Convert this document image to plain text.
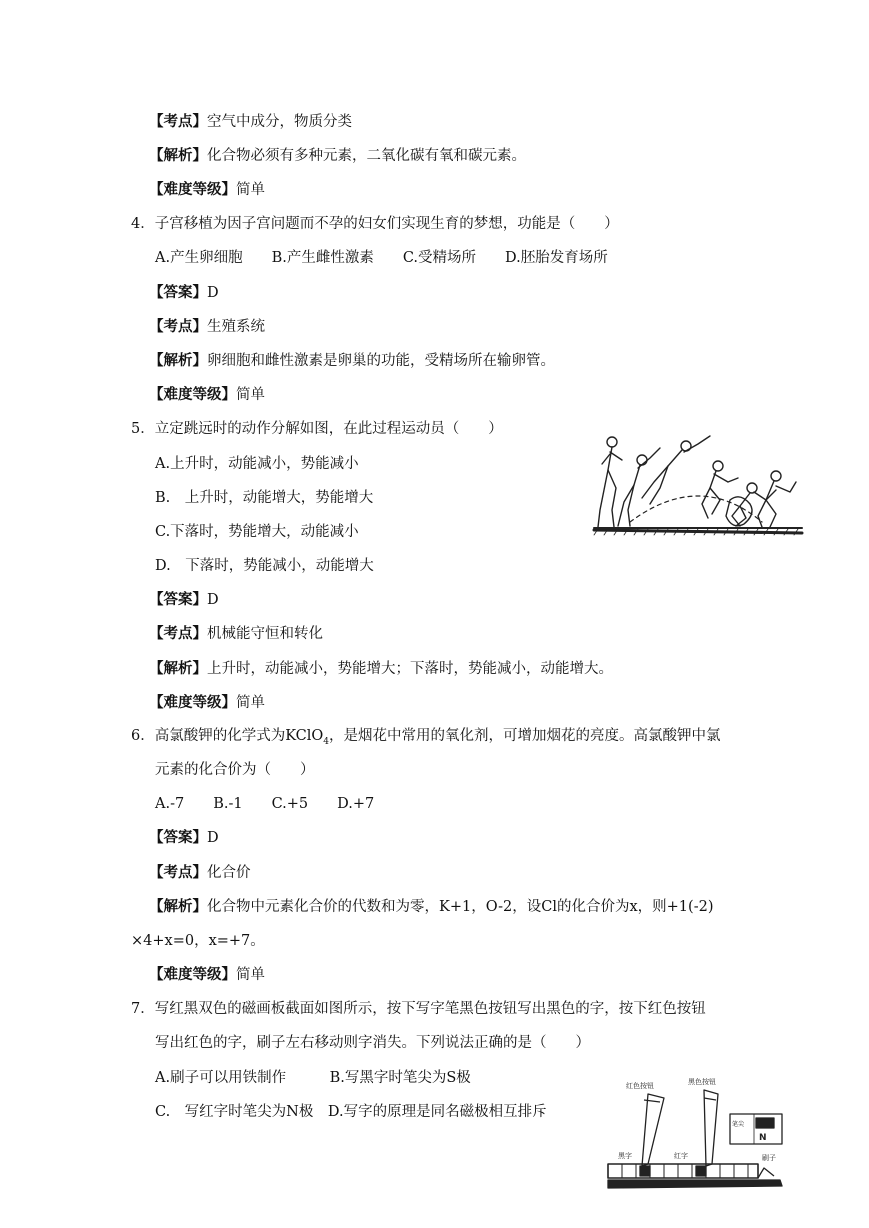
【考点】空气中成分，物质分类
【解析】化合物必须有多种元素，二氧化碳有氧和碳元素。
【难度等级】简单
4．子宫移植为因子宫问题而不孕的妇女们实现生育的梦想，功能是（　　）
A.产生卵细胞　　B.产生雌性激素　　C.受精场所　　D.胚胎发育场所
【答案】D
【考点】生殖系统
【解析】卵细胞和雌性激素是卵巢的功能，受精场所在输卵管。
【难度等级】简单
5．立定跳远时的动作分解如图，在此过程运动员（　　）
A.上升时，动能减小，势能减小
B.　上升时，动能增大，势能增大
C.下落时，势能增大，动能减小
D.　下落时，势能减小，动能增大
【答案】D
【考点】机械能守恒和转化
【解析】上升时，动能减小，势能增大；下落时，势能减小，动能增大。
【难度等级】简单
6．高氯酸钾的化学式为KClO$_4$，是烟花中常用的氧化剂，可增加烟花的亮度。高氯酸钾中氯
元素的化合价为（　　）
A.-7　　B.-1　　C.+5　　D.+7
【答案】D
【考点】化合价
【解析】化合物中元素化合价的代数和为零，K+1，O-2，设Cl的化合价为x，则+1(-2)
×4+x=0，x=+7。
【难度等级】简单
7．写红黑双色的磁画板截面如图所示，按下写字笔黑色按钮写出黑色的字，按下红色按钮
写出红色的字，刷子左右移动则字消失。下列说法正确的是（　　）
A.刷子可以用铁制作　　　B.写黑字时笔尖为S极
C.　写红字时笔尖为N极　D.写字的原理是同名磁极相互排斥
红色按钮	黑色按钮
N
笔尖
黑字	红字	刷子
